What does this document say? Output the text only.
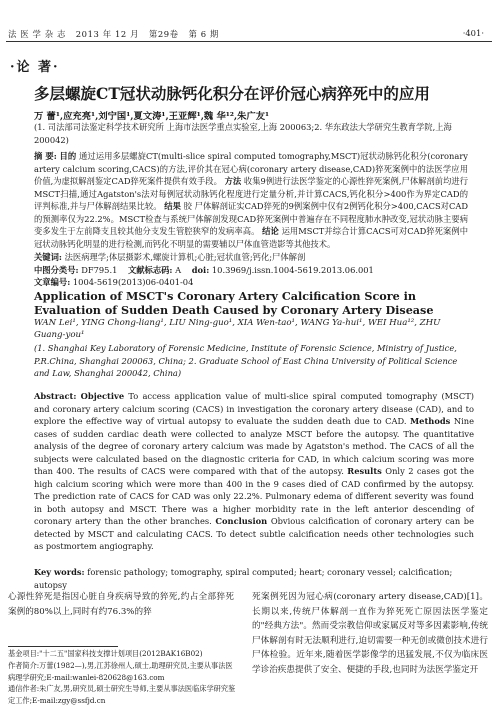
法 医 学 杂 志 2013 年 12 月 第29卷 第 6 期	·401·
·论 著·
多层螺旋CT冠状动脉钙化积分在评价冠心病猝死中的应用
万 蕾¹,应充亮¹,刘宁国¹,夏文涛¹,王亚辉¹,魏 华¹²,朱广友¹
(1. 司法部司法鉴定科学技术研究所 上海市法医学重点实验室,上海 200063;2. 华东政法大学研究生教育学院,上海 200042)
摘 要: 目的 通过运用多层螺旋CT(multi-slice spiral computed tomography,MSCT)冠状动脉钙化积分(coronary artery calcium scoring,CACS)的方法,评价其在冠心病(coronary artery disease,CAD)猝死案例中的法医学应用价值,为虚拟解剖鉴定CAD猝死案件提供有效手段。 方法 收集9例进行法医学鉴定的心源性猝死案例,尸体解剖前均进行MSCT扫描,通过Agatston's法对每例冠状动脉钙化程度进行定量分析,并计算CACS,钙化积分>400作为界定CAD的评判标准,并与尸体解剖结果比较。 结果 胶 尸体解剖证实CAD猝死的9例案例中仅有2例钙化积分>400,CACS对CAD的预测率仅为22.2%。MSCT检查与系统尸体解剖发现CAD猝死案例中普遍存在不同程度肺水肿改变,冠状动脉主要病变多发生于左前降支且较其他分支发生管腔狭窄的发病率高。 结论 运用MSCT并综合计算CACS可对CAD猝死案例中冠状动脉钙化明显的进行检测,而钙化不明显的需要辅以尸体血管造影等其他技术。
关键词: 法医病理学;体层摄影术,螺旋计算机;心脏;冠状血管;钙化;尸体解剖
中图分类号: DF795.1 文献标志码: A doi: 10.3969/j.issn.1004-5619.2013.06.001
文章编号: 1004-5619(2013)06-0401-04
Application of MSCT's Coronary Artery Calcification Score in Evaluation of Sudden Death Caused by Coronary Artery Disease
WAN Lei¹, YING Chong-liang¹, LIU Ning-guo¹, XIA Wen-tao¹, WANG Ya-hui¹, WEI Hua¹², ZHU Guang-you¹
(1. Shanghai Key Laboratory of Forensic Medicine, Institute of Forensic Science, Ministry of Justice, P.R.China, Shanghai 200063, China; 2. Graduate School of East China University of Political Science and Law, Shanghai 200042, China)
Abstract: Objective To access application value of multi-slice spiral computed tomography (MSCT) and coronary artery calcium scoring (CACS) in investigation the coronary artery disease (CAD), and to explore the effective way of virtual autopsy to evaluate the sudden death due to CAD. Methods Nine cases of sudden cardiac death were collected to analyze MSCT before the autopsy. The quantitative analysis of the degree of coronary artery calcium was made by Agatston's method. The CACS of all the subjects were calculated based on the diagnostic criteria for CAD, in which calcium scoring was more than 400. The results of CACS were compared with that of the autopsy. Results Only 2 cases got the high calcium scoring which were more than 400 in the 9 cases died of CAD confirmed by the autopsy. The prediction rate of CACS for CAD was only 22.2%. Pulmonary edema of different severity was found in both autopsy and MSCT. There was a higher morbidity rate in the left anterior descending of coronary artery than the other branches. Conclusion Obvious calcification of coronary artery can be detected by MSCT and calculating CACS. To detect subtle calcification needs other technologies such as postmortem angiography.
Key words: forensic pathology; tomography, spiral computed; heart; coronary vessel; calcification; autopsy
心源性猝死是指因心脏自身疾病导致的猝死,约占全部猝死案例的80%以上,同时有约76.3%的猝
死案例死因为冠心病(coronary artery disease,CAD)[1]。长期以来,传统尸体解剖一直作为猝死死亡原因法医学鉴定的"经典方法"。然而受宗教信仰或家属反对等多因素影响,传统尸体解剖有时无法顺利进行,迫切需要一种无创或微创技术进行尸体检验。近年来,随着医学影像学的迅猛发展,不仅为临床医学诊治疾患提供了安全、便捷的手段,也同时为法医学鉴定开
基金项目:"十二五"国家科技支撑计划项目(2012BAK16B02)
作者简介:万蕾(1982—),男,江苏徐州人,硕士,助理研究员,主要从事法医病理学研究;E-mail:wanlei-820628@163.com
通信作者:朱广友,男,研究员,硕士研究生导师,主要从事法医临床学研究鉴定工作;E-mail:zgy@ssfjd.cn
